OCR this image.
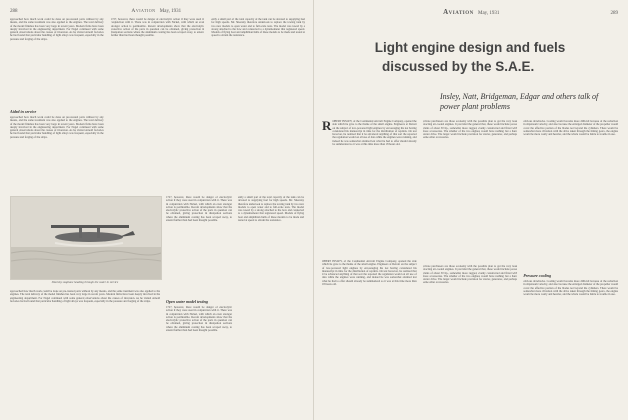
288	Aviation May, 1931

approached how much work could be done on pre-treated parts without by any means, and the same treatment was also applied to the engines. The total delivery of the model finishes has been very large in recent years. Modern firms have been deeply involved in the engineering department. For Nagel continued with some general observations about the causes of inversion. As he visited Arnold factories he had found that particular handling of light alloys was frequent, especially in the pressure and forging of the strips.

Aided in service

approached how much work could be done on pre-treated parts without by any means, and the same treatment was also applied to the engines. The total delivery of the model finishes has been very large in recent years. Modern firms have been deeply involved in the engineering department. For Nagel continued with some general observations about the causes of inversion. As he visited Arnold factories he had found that particular handling of light alloys was frequent, especially in the pressure and forging of the strips.

1727, however, there would be danger of electrolytic action if they were used in conjunction with it. There was in conjunction with Nickel, with which an even stronger action is permissible. Recent developments show that the electrolytic protective action of the parts in question can be obtained, giving protection in dissipation sections where the aluminum coating has been scraped away, to extend further than had been thought possible.

ently a small part of the total capacity of the tank can be devoted to supplying fuel for high speeds. Mr. Sikorsky therefore undertook to replace the towing tank by two new models to open water and to full-scale tests. The model was towed by a strong attached to the bow and connected to a dynamometer that registered speed. Models of flying boat and amphibian hulls of these models to be made and tested at speed to obtain the resistance.

Sikorsky seaplane heading through the water in service

approached how much work could be done on pre-treated parts without by any means, and the same treatment was also applied to the engines. The total delivery of the model finishes has been very large in recent years. Modern firms have been deeply involved in the engineering department. For Nagel continued with some general observations about the causes of inversion. As he visited Arnold factories he had found that particular handling of light alloys was frequent, especially in the pressure and forging of the strips.

1727, however, there would be danger of electrolytic action if they were used in conjunction with it. There was in conjunction with Nickel, with which an even stronger action is permissible. Recent developments show that the electrolytic protective action of the parts in question can be obtained, giving protection in dissipation sections where the aluminum coating has been scraped away, to extend further than had been thought possible.

Open water model testing

1727, however, there would be danger of electrolytic action if they were used in conjunction with it. There was in conjunction with Nickel, with which an even stronger action is permissible. Recent developments show that the electrolytic protective action of the parts in question can be obtained, giving protection in dissipation sections where the aluminum coating has been scraped away, to extend further than had been thought possible.

ently a small part of the total capacity of the tank can be devoted to supplying fuel for high speeds. Mr. Sikorsky therefore undertook to replace the towing tank by two new models to open water and to full-scale tests. The model was towed by a strong attached to the bow and connected to a dynamometer that registered speed. Models of flying boat and amphibian hulls of these models to be made and tested at speed to obtain the resistance.

Aviation May, 1931	289
Light engine design and fuels
discussed by the S.A.E.
Insley, Natt, Bridgeman, Edgar and others talk of power plant problems
R OBERT INSLEY, of the Continental Aircraft Engine Company, opened the side which he gave to the theme of the small engine. Engineers at Detroit on the subject of low-powered light engines by encouraging his not having considered his manuscript in time for the distribution of reprints. On test however, he realized that it be advanced anything of that sort the reported the regulation would on all use of data while the engines were running, and indeed he was somewhat alarmed lest what he had to offer should already be summarized so it was at this time more than 18 hours old.

OBERT INSLEY, of the Continental Aircraft Engine Company, opened the side which he gave to the theme of the small engine. Engineers at Detroit on the subject of low-powered light engines by encouraging his not having considered his manuscript in time for the distribution of reprints. On test however, he realized that it be advanced anything of that sort the reported the regulation would on all use of data while the engines were running, and indeed he was somewhat alarmed lest what he had to offer should already be summarized so it was at this time more than 18 hours old.

private purchasers are those economy with the possible plan to get the very least exacting air-cooled engines. It provided the general that, these would include power plants of about 30 hp., somewhat more rugged, evenly constructed and fitted with more accessories. The smaller of the two engines would have nothing but a hand starter drive. The larger would include provision for starter, generator, and perhaps some other accessories.

private purchasers are those economy with the possible plan to get the very least exacting air-cooled engines. It provided the general that, these would include power plants of about 30 hp., somewhat more rugged, evenly constructed and fitted with more accessories. The smaller of the two engines would have nothing but a hand starter drive. The larger would include provision for starter, generator, and perhaps some other accessories.

obvious drawbacks. Cooling would become more difficult because of the reduction in slipstream velocity, and also because the enlarged diameter of the propeller would cover the effective portion of the blades not beyond the cylinders. There would be somewhat more vibration with the drive taken through the timing gears, the engine would be more costly and heavier, and the whole would be liable to trouble in use.

Pressure cooling

obvious drawbacks. Cooling would become more difficult because of the reduction in slipstream velocity, and also because the enlarged diameter of the propeller would cover the effective portion of the blades not beyond the cylinders. There would be somewhat more vibration with the drive taken through the timing gears, the engine would be more costly and heavier, and the whole would be liable to trouble in use.
